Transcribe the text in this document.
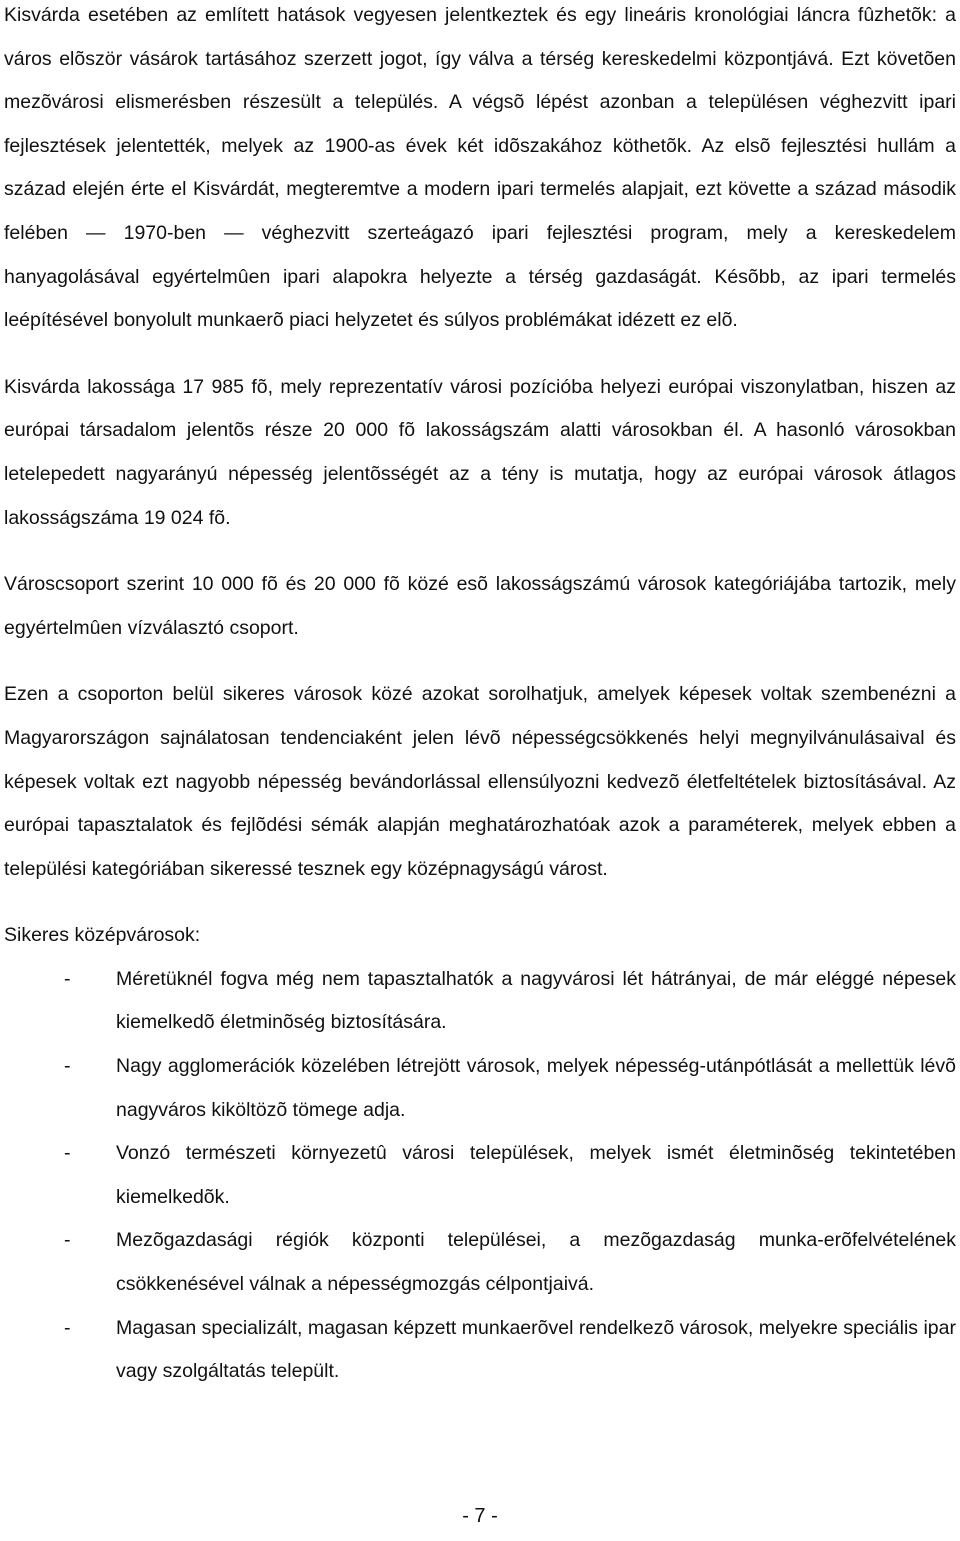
Kisvárda esetében az említett hatások vegyesen jelentkeztek és egy lineáris kronológiai láncra fûzhetõk: a város elõször vásárok tartásához szerzett jogot, így válva a térség kereskedelmi központjává. Ezt követõen mezõvárosi elismerésben részesült a település. A végsõ lépést azonban a településen véghezvitt ipari fejlesztések jelentették, melyek az 1900-as évek két idõszakához köthetõk. Az elsõ fejlesztési hullám a század elején érte el Kisvárdát, megteremtve a modern ipari termelés alapjait, ezt követte a század második felében — 1970-ben — véghezvitt szerteágazó ipari fejlesztési program, mely a kereskedelem hanyagolásával egyértelmûen ipari alapokra helyezte a térség gazdaságát. Késõbb, az ipari termelés leépítésével bonyolult munkaerõ piaci helyzetet és súlyos problémákat idézett ez elõ.

Kisvárda lakossága 17 985 fõ, mely reprezentatív városi pozícióba helyezi európai viszonylatban, hiszen az európai társadalom jelentõs része 20 000 fõ lakosságszám alatti városokban él. A hasonló városokban letelepedett nagyarányú népesség jelentõsségét az a tény is mutatja, hogy az európai városok átlagos lakosságszáma 19 024 fõ.

Városcsoport szerint 10 000 fõ és 20 000 fõ közé esõ lakosságszámú városok kategóriájába tartozik, mely egyértelmûen vízválasztó csoport.

Ezen a csoporton belül sikeres városok közé azokat sorolhatjuk, amelyek képesek voltak szembenézni a Magyarországon sajnálatosan tendenciaként jelen lévõ népességcsökkenés helyi megnyilvánulásaival és képesek voltak ezt nagyobb népesség bevándorlással ellensúlyozni kedvezõ életfeltételek biztosításával. Az európai tapasztalatok és fejlõdési sémák alapján meghatározhatóak azok a paraméterek, melyek ebben a települési kategóriában sikeressé tesznek egy középnagyságú várost.

Sikeres középvárosok:

- Méretüknél fogva még nem tapasztalhatók a nagyvárosi lét hátrányai, de már eléggé népesek kiemelkedõ életminõség biztosítására.
- Nagy agglomerációk közelében létrejött városok, melyek népesség-utánpótlását a mellettük lévõ nagyváros kiköltözõ tömege adja.
- Vonzó természeti környezetû városi települések, melyek ismét életminõség tekintetében kiemelkedõk.
- Mezõgazdasági régiók központi települései, a mezõgazdaság munka-erõfelvételének csökkenésével válnak a népességmozgás célpontjaivá.
- Magasan specializált, magasan képzett munkaerõvel rendelkezõ városok, melyekre speciális ipar vagy szolgáltatás települt.
- 7 -
